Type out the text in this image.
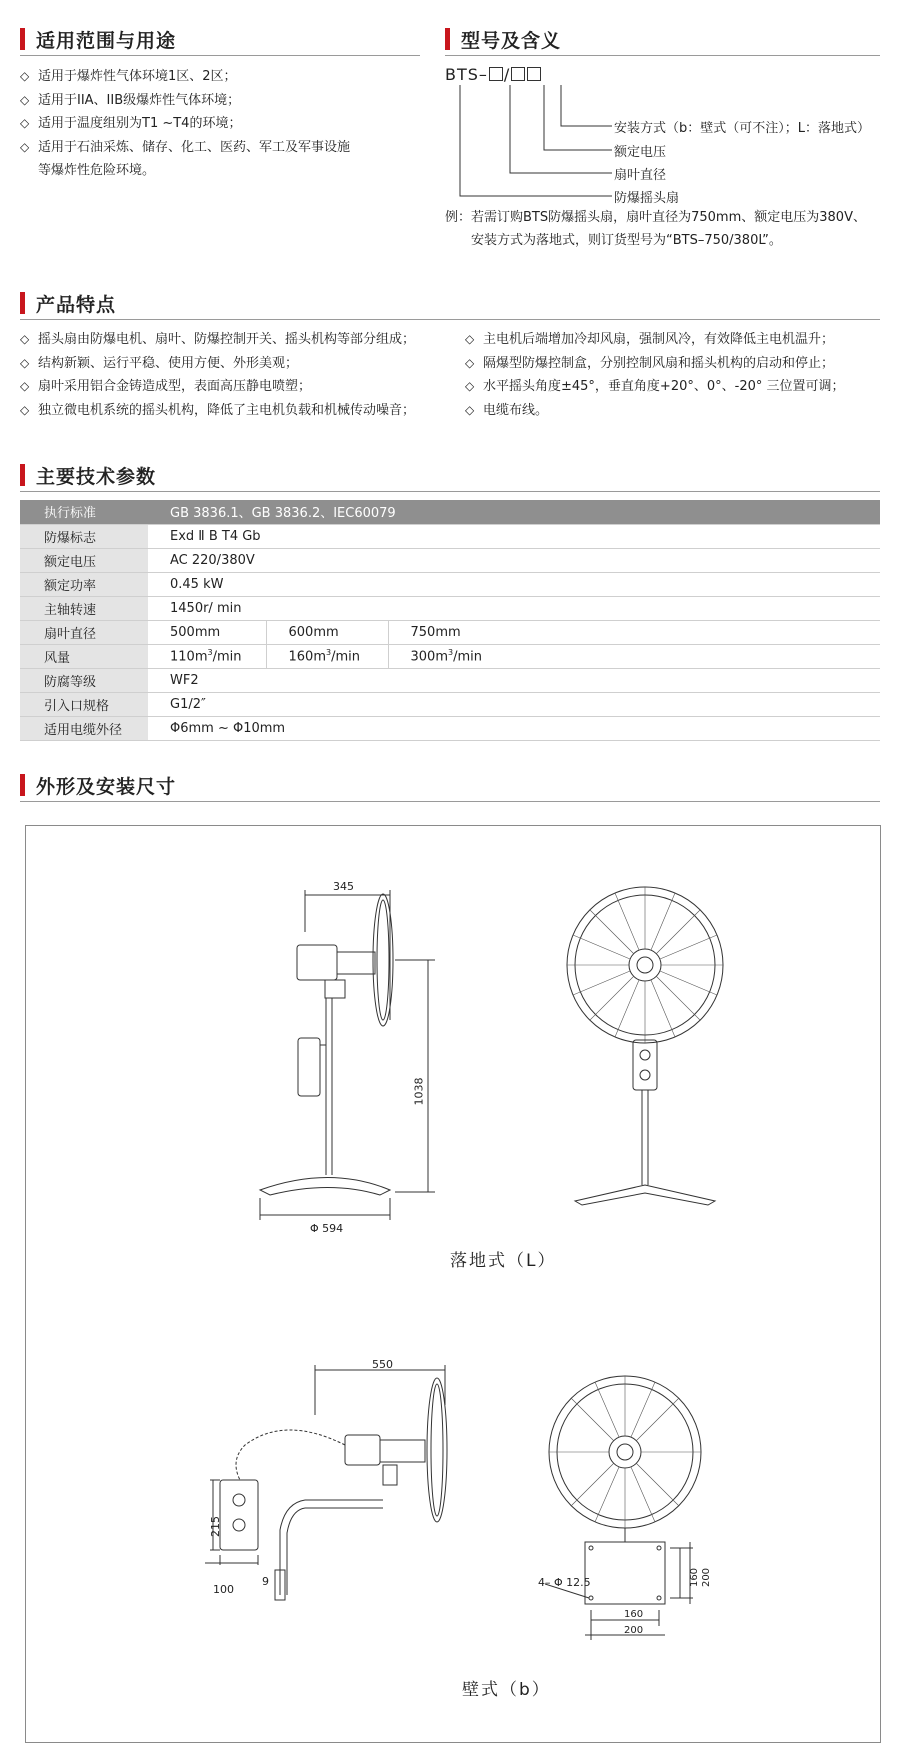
适用范围与用途
◇ 适用于爆炸性气体环境1区、2区；
◇ 适用于IIA、IIB级爆炸性气体环境；
◇ 适用于温度组别为T1 ~T4的环境；
◇ 适用于石油采炼、储存、化工、医药、军工及军事设施
等爆炸性危险环境。
型号及含义
BTS– /
安装方式（b：壁式（可不注）；L：落地式）
额定电压
扇叶直径
防爆摇头扇
例：若需订购BTS防爆摇头扇，扇叶直径为750mm、额定电压为380V、
安装方式为落地式，则订货型号为“BTS–750/380L”。
产品特点
◇ 摇头扇由防爆电机、扇叶、防爆控制开关、摇头机构等部分组成；
◇ 结构新颖、运行平稳、使用方便、外形美观；
◇ 扇叶采用铝合金铸造成型，表面高压静电喷塑；
◇ 独立微电机系统的摇头机构，降低了主电机负载和机械传动噪音；
◇ 主电机后端增加冷却风扇，强制风冷，有效降低主电机温升；
◇ 隔爆型防爆控制盒，分别控制风扇和摇头机构的启动和停止；
◇ 水平摇头角度±45°，垂直角度+20°、0°、-20° 三位置可调；
◇ 电缆布线。
主要技术参数
执行标准	GB 3836.1、GB 3836.2、IEC60079		
防爆标志	Exd Ⅱ B T4 Gb		
额定电压	AC 220/380V		
额定功率	0.45 kW		
主轴转速	1450r/ min		
扇叶直径	500mm	600mm	750mm
风量	$110m^3/\min$	$160m^3/\min$	$300m^3/\min$
防腐等级	WF2		
引入口规格	G1/2″		
适用电缆外径	Φ6mm ~ Φ10mm		
外形及安装尺寸
345
1038
Φ 594
落地式（L）
550
215
100
9	4– Φ 12.5	160 200
160
200
壁式（b）
